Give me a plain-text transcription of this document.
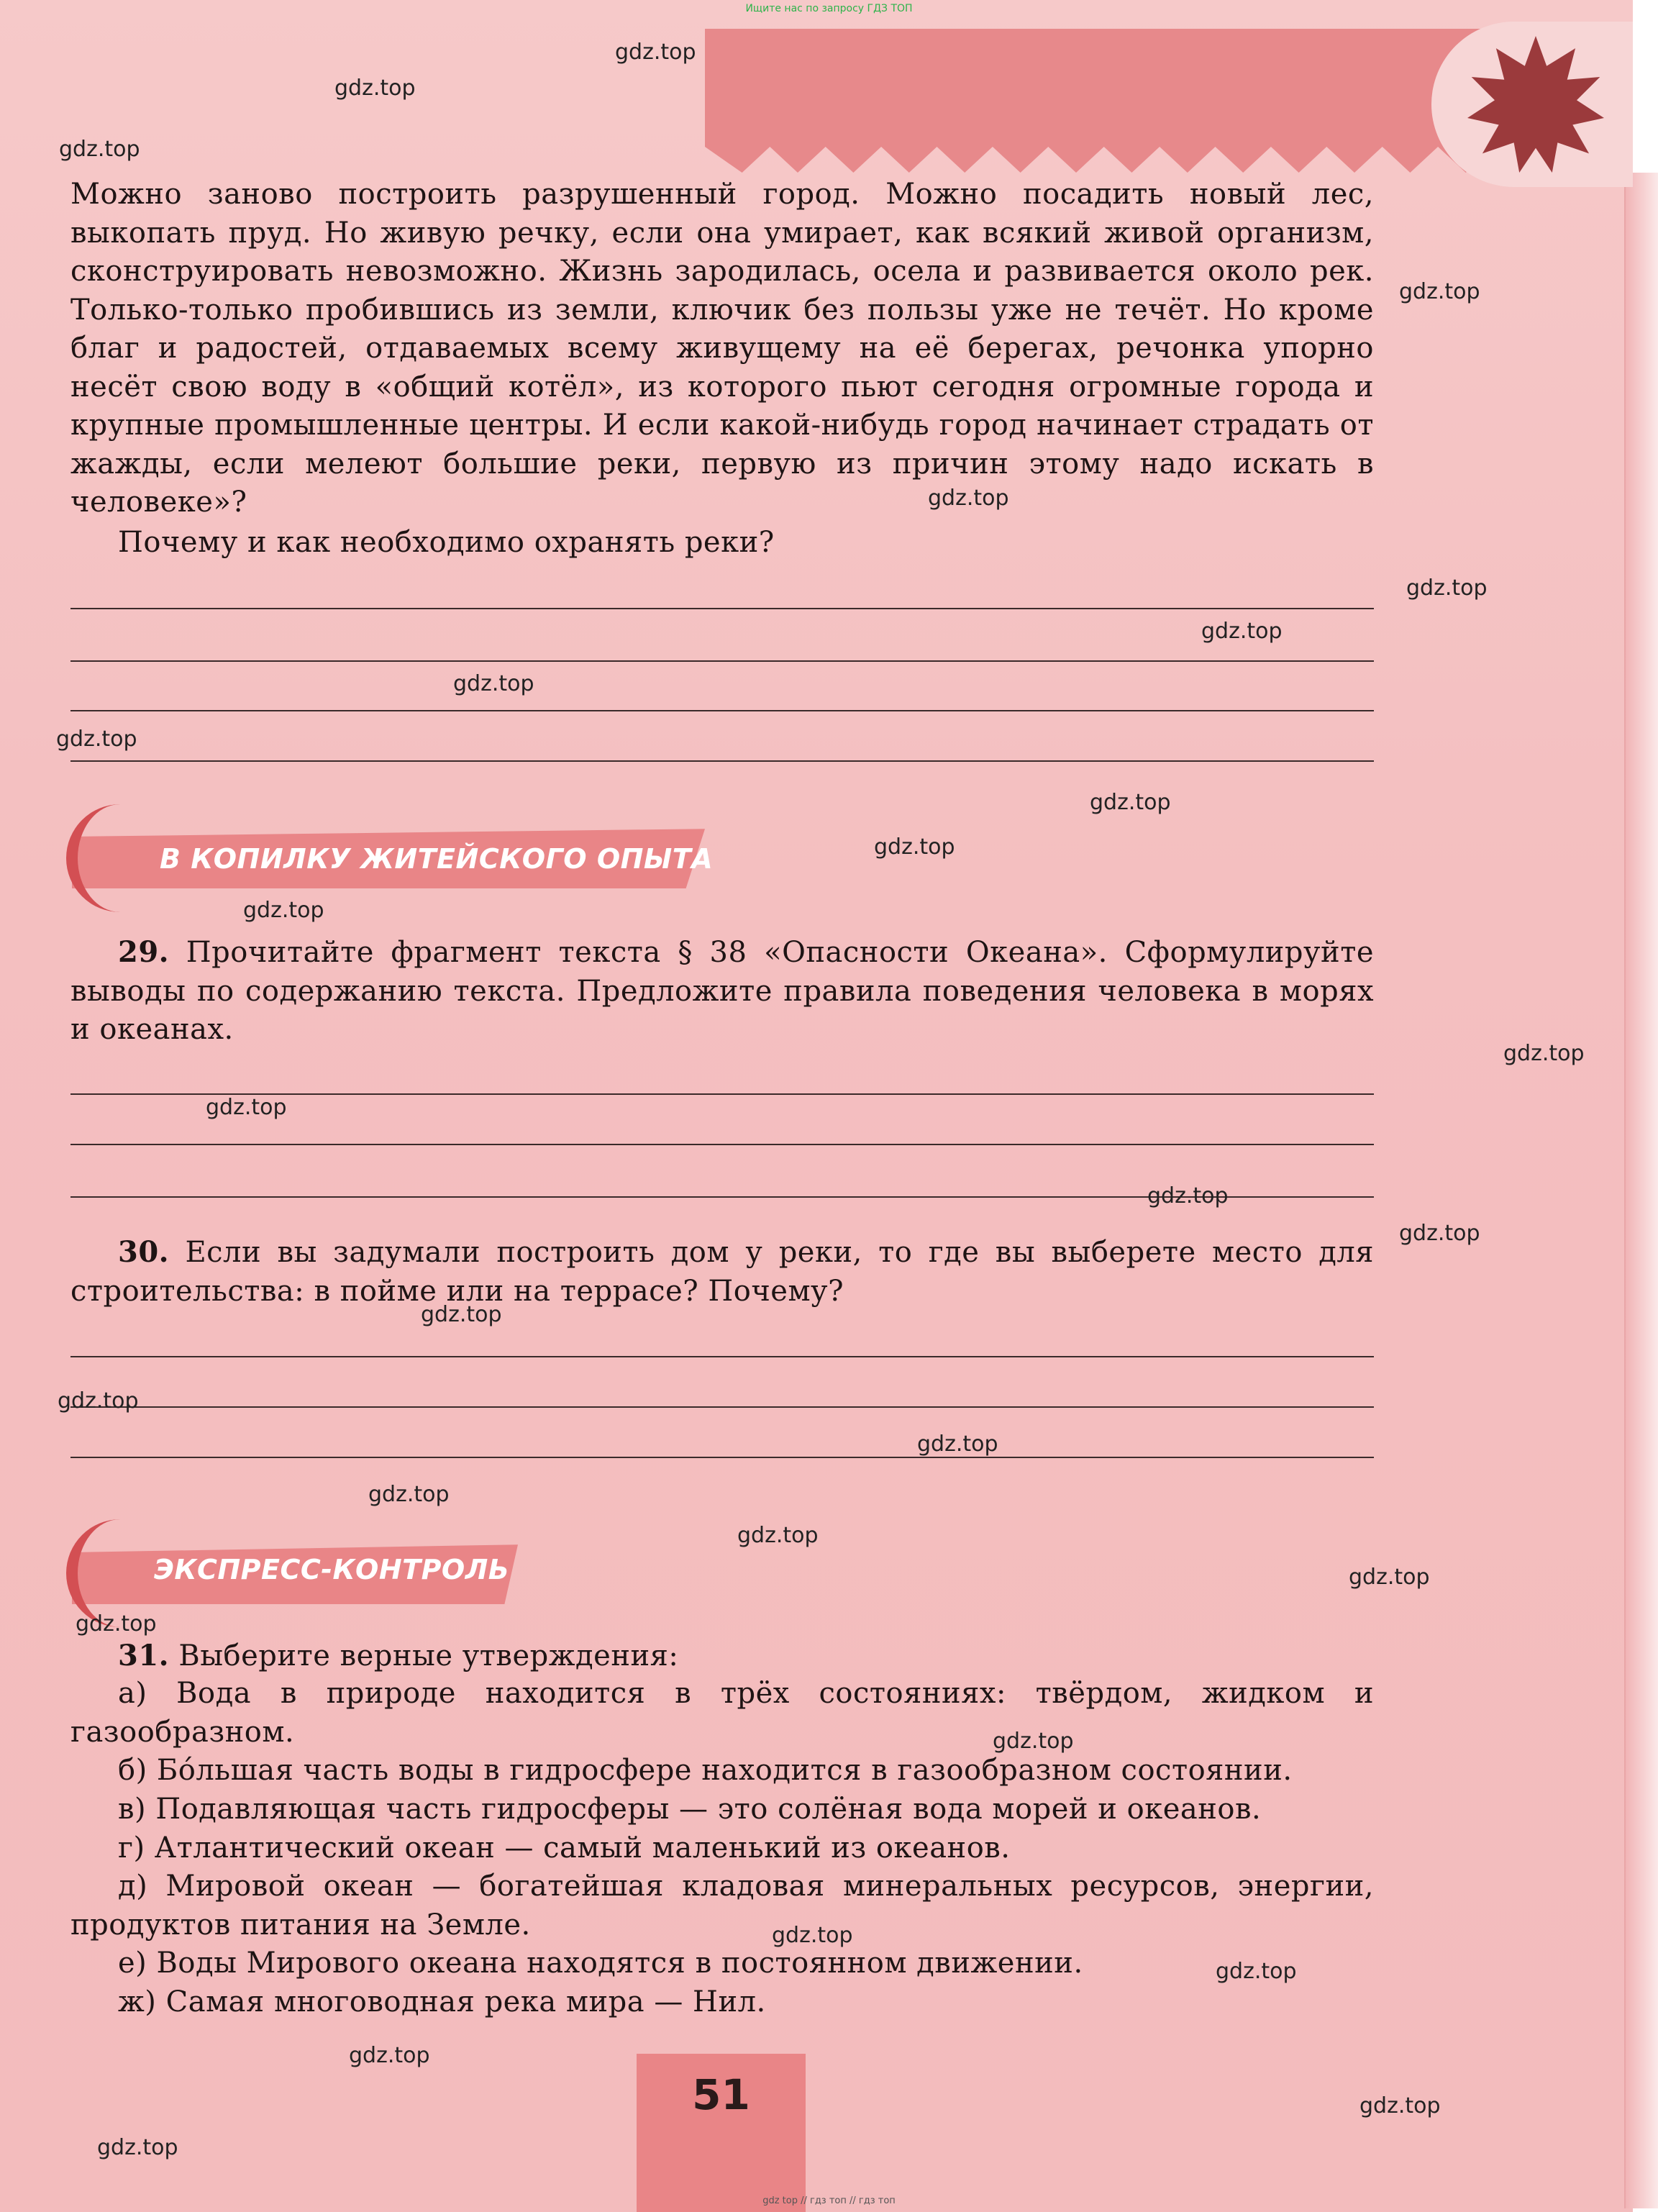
Ищите нас по запросу ГДЗ ТОП

Можно заново построить разрушенный город. Можно посадить новый лес, выкопать пруд. Но живую речку, если она умирает, как всякий живой организм, сконструировать невозможно. Жизнь зародилась, осела и развивается около рек. Только-только пробившись из земли, ключик без пользы уже не течёт. Но кроме благ и радостей, отдаваемых всему живущему на её берегах, речонка упорно несёт свою воду в «общий котёл», из которого пьют сегодня огромные города и крупные промышленные центры. И если какой-нибудь город начинает страдать от жажды, если мелеют большие реки, первую из причин этому надо искать в человеке»?

Почему и как необходимо охранять реки?

В КОПИЛКУ ЖИТЕЙСКОГО ОПЫТА

29. Прочитайте фрагмент текста § 38 «Опасности Океана». Сформулируйте выводы по содержанию текста. Предложите правила поведения человека в морях и океанах.

30. Если вы задумали построить дом у реки, то где вы выберете место для строительства: в пойме или на террасе? Почему?

ЭКСПРЕСС-КОНТРОЛЬ

31. Выберите верные утверждения:

а) Вода в природе находится в трёх состояниях: твёрдом, жидком и газообразном.

б) Бóльшая часть воды в гидросфере находится в газообразном состоянии.

в) Подавляющая часть гидросферы — это солёная вода морей и океанов.

г) Атлантический океан — самый маленький из океанов.

д) Мировой океан — богатейшая кладовая минеральных ресурсов, энергии, продуктов питания на Земле.

е) Воды Мирового океана находятся в постоянном движении.

ж) Самая многоводная река мира — Нил.

51
gdz top // гдз топ // гдз топ
gdz.top
gdz.top
gdz.top
gdz.top
gdz.top
gdz.top
gdz.top
gdz.top
gdz.top
gdz.top
gdz.top
gdz.top
gdz.top
gdz.top
gdz.top
gdz.top
gdz.top
gdz.top
gdz.top
gdz.top
gdz.top
gdz.top
gdz.top
gdz.top
gdz.top
gdz.top
gdz.top
gdz.top
gdz.top
